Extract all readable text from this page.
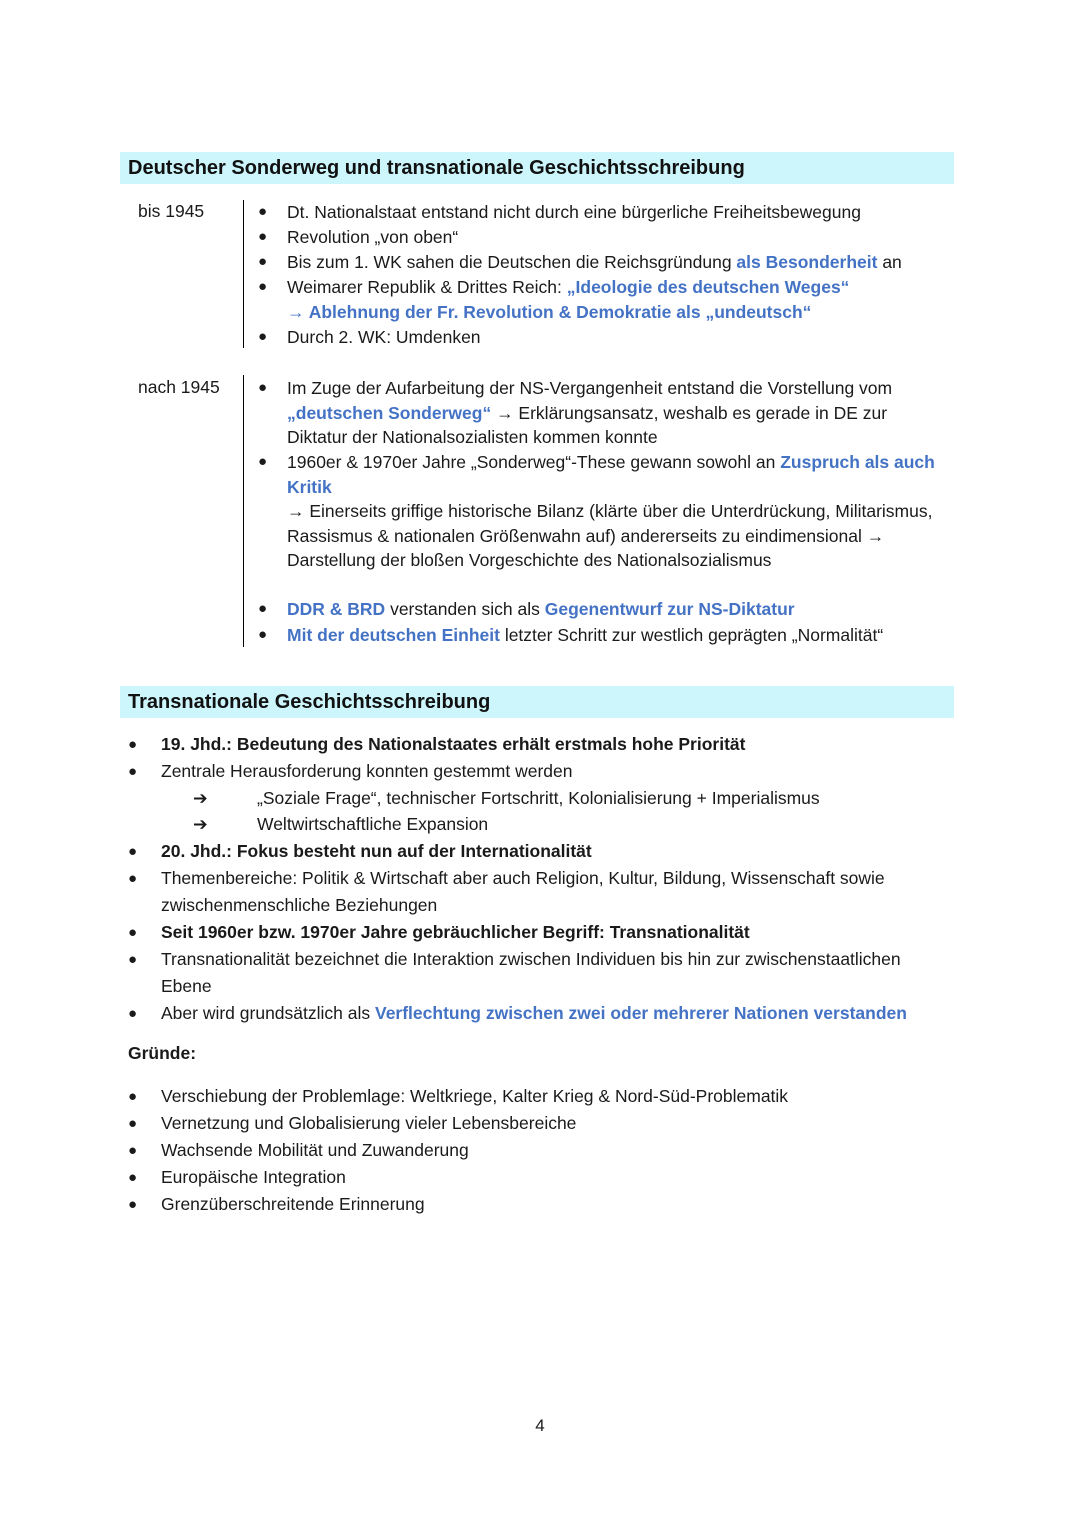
Deutscher Sonderweg und transnationale Geschichtsschreibung
bis 1945	● Dt. Nationalstaat entstand nicht durch eine bürgerliche Freiheitsbewegung
● Revolution „von oben“
● Bis zum 1. WK sahen die Deutschen die Reichsgründung als Besonderheit an
● Weimarer Republik & Drittes Reich: „Ideologie des deutschen Weges“
→ Ablehnung der Fr. Revolution & Demokratie als „undeutsch“
● Durch 2. WK: Umdenken
nach 1945	● Im Zuge der Aufarbeitung der NS-Vergangenheit entstand die Vorstellung vom „deutschen Sonderweg“ → Erklärungsansatz, weshalb es gerade in DE zur Diktatur der Nationalsozialisten kommen konnte
● 1960er & 1970er Jahre „Sonderweg“-These gewann sowohl an Zuspruch als auch Kritik
→ Einerseits griffige historische Bilanz (klärte über die Unterdrückung, Militarismus, Rassismus & nationalen Größenwahn auf) andererseits zu eindimensional → Darstellung der bloßen Vorgeschichte des Nationalsozialismus
● DDR & BRD verstanden sich als Gegenentwurf zur NS-Diktatur
● Mit der deutschen Einheit letzter Schritt zur westlich geprägten „Normalität“
Transnationale Geschichtsschreibung
● 19. Jhd.: Bedeutung des Nationalstaates erhält erstmals hohe Priorität
● Zentrale Herausforderung konnten gestemmt werden
➔	„Soziale Frage“, technischer Fortschritt, Kolonialisierung + Imperialismus
➔	Weltwirtschaftliche Expansion
● 20. Jhd.: Fokus besteht nun auf der Internationalität
● Themenbereiche: Politik & Wirtschaft aber auch Religion, Kultur, Bildung, Wissenschaft sowie zwischenmenschliche Beziehungen
● Seit 1960er bzw. 1970er Jahre gebräuchlicher Begriff: Transnationalität
● Transnationalität bezeichnet die Interaktion zwischen Individuen bis hin zur zwischenstaatlichen Ebene
● Aber wird grundsätzlich als Verflechtung zwischen zwei oder mehrerer Nationen verstanden
Gründe:
● Verschiebung der Problemlage: Weltkriege, Kalter Krieg & Nord-Süd-Problematik
● Vernetzung und Globalisierung vieler Lebensbereiche
● Wachsende Mobilität und Zuwanderung
● Europäische Integration
● Grenzüberschreitende Erinnerung
4
